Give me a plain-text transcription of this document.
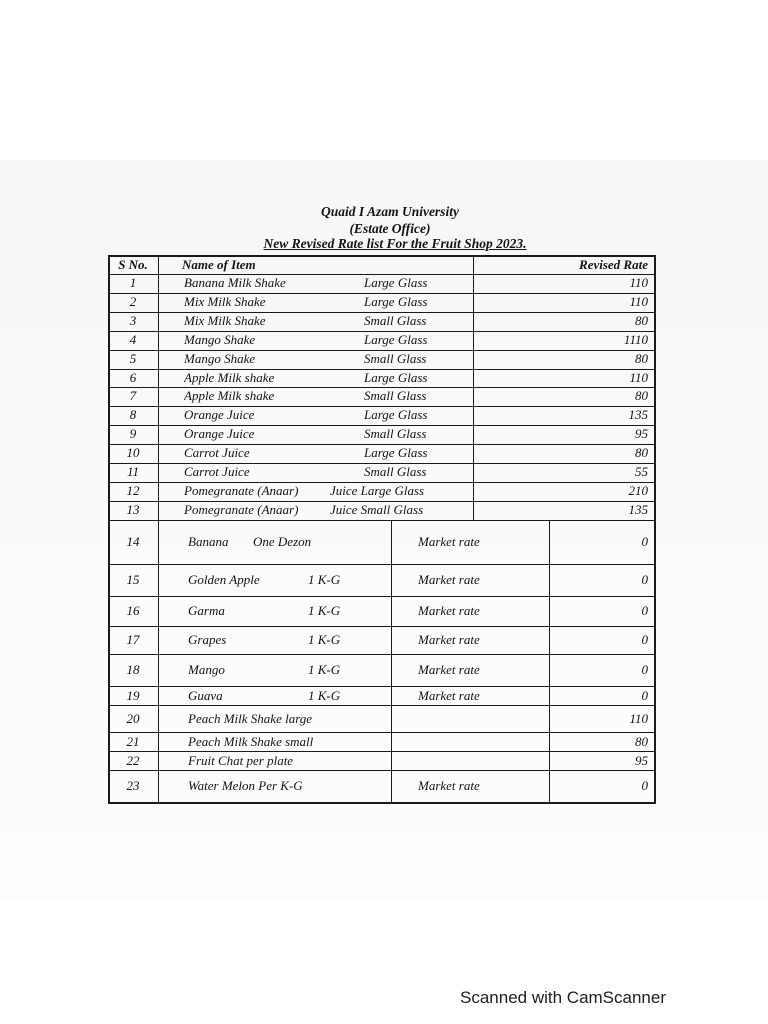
Quaid I Azam University
(Estate Office)
New Revised Rate list For the Fruit Shop 2023.
S No.	Name of Item	Revised Rate
1	Banana Milk Shake	Large Glass	110
2	Mix Milk Shake	Large Glass	110
3	Mix Milk Shake	Small Glass	80
4	Mango Shake	Large Glass	1110
5	Mango Shake	Small Glass	80
6	Apple Milk shake	Large Glass	110
7	Apple Milk shake	Small Glass	80
8	Orange Juice	Large Glass	135
9	Orange Juice	Small Glass	95
10	Carrot Juice	Large Glass	80
11	Carrot Juice	Small Glass	55
12	Pomegranate (Anaar)	Juice Large Glass	210
13	Pomegranate (Anaar)	Juice Small Glass	135
14	Banana	One Dezon	Market rate	0
15	Golden Apple	1 K-G	Market rate	0
16	Garma	1 K-G	Market rate	0
17	Grapes	1 K-G	Market rate	0
18	Mango	1 K-G	Market rate	0
19	Guava	1 K-G	Market rate	0
20	Peach Milk Shake large	110
21	Peach Milk Shake small	80
22	Fruit Chat per plate	95
23	Water Melon Per K-G	Market rate	0
Scanned with CamScanner
